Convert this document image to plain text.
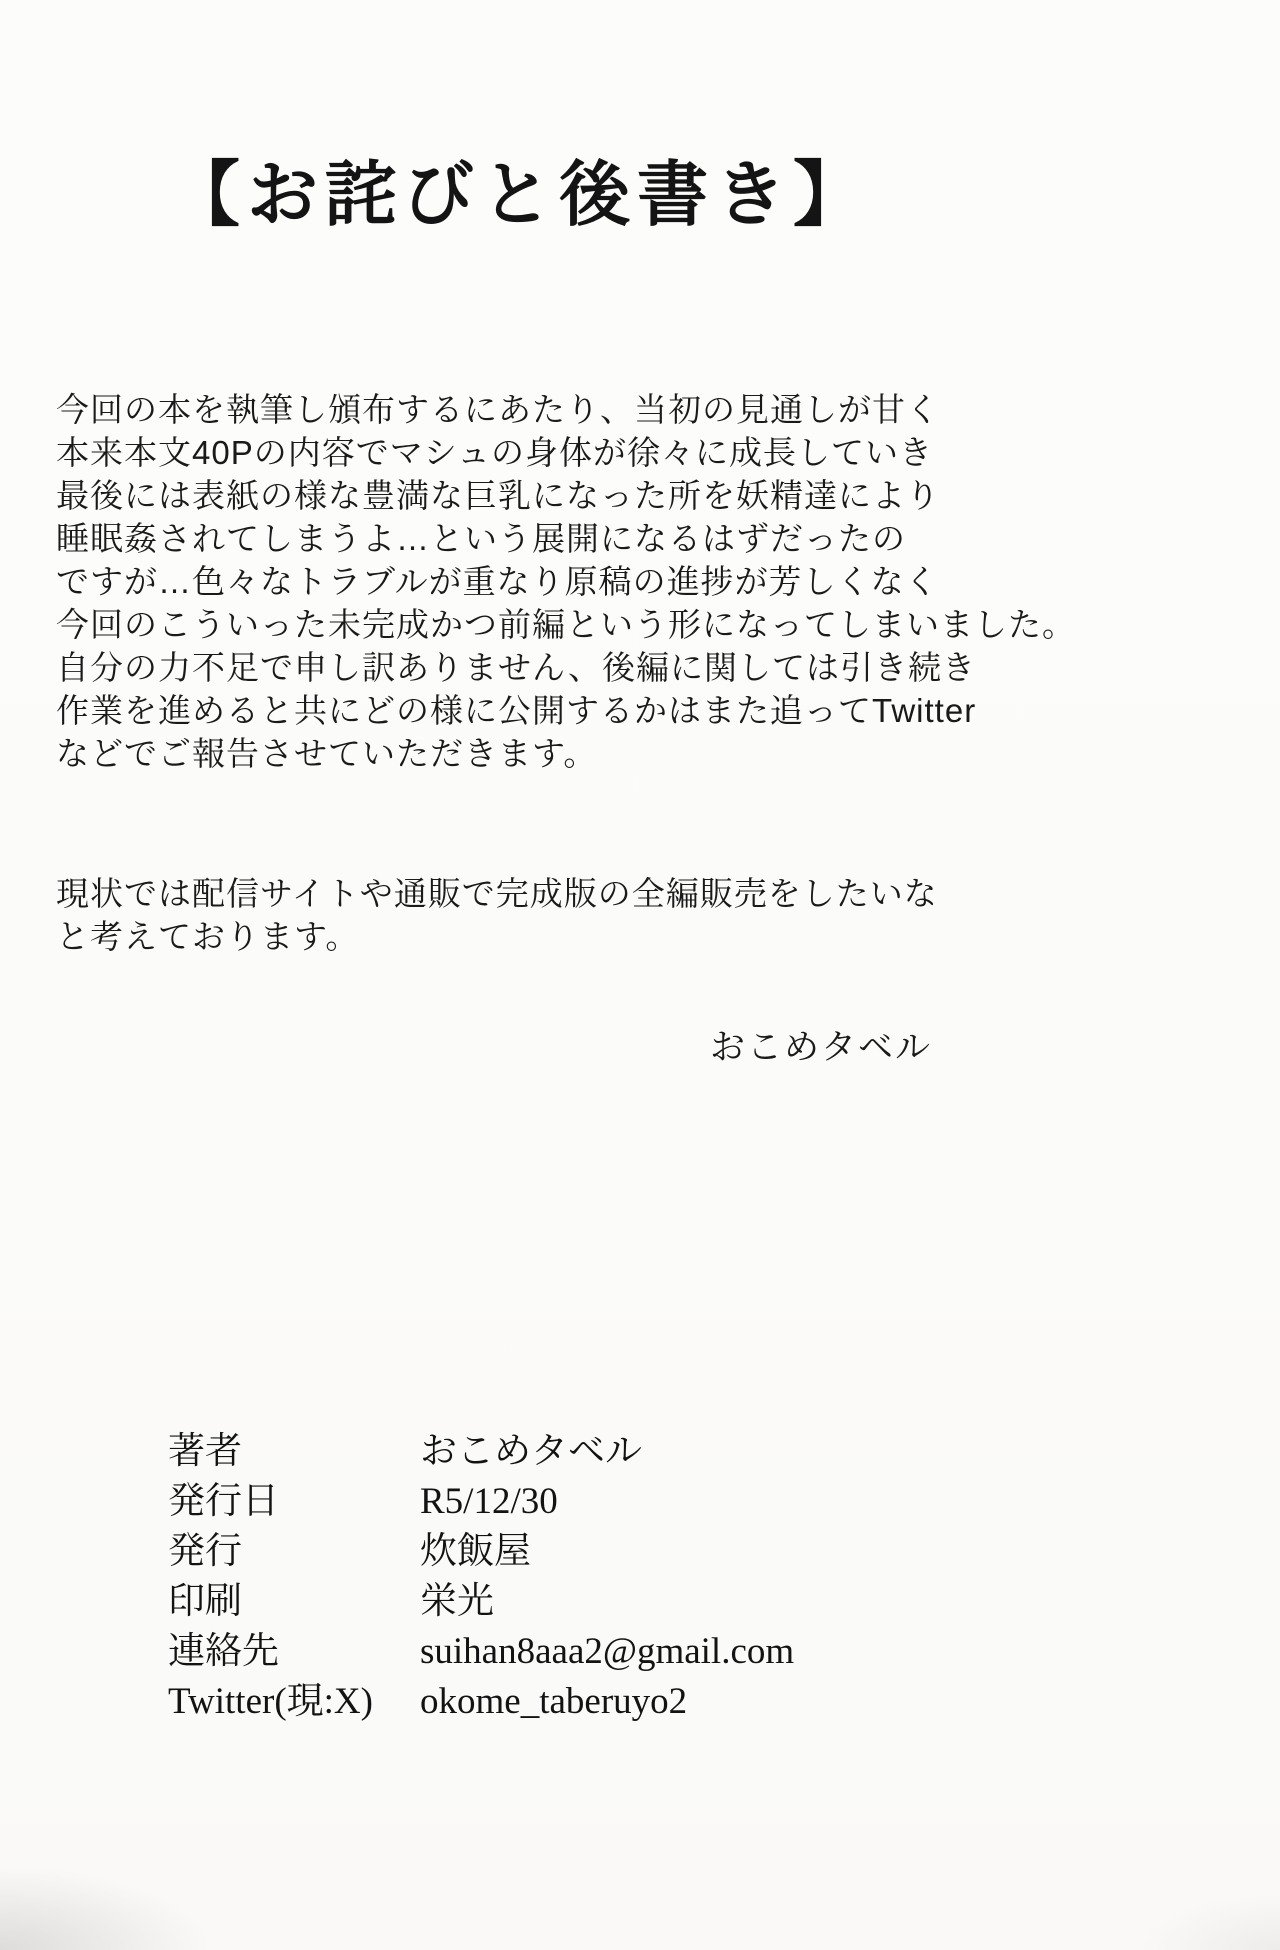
【お詫びと後書き】
今回の本を執筆し頒布するにあたり、当初の見通しが甘く
本来本文40Pの内容でマシュの身体が徐々に成長していき
最後には表紙の様な豊満な巨乳になった所を妖精達により
睡眠姦されてしまうよ…という展開になるはずだったの
ですが…色々なトラブルが重なり原稿の進捗が芳しくなく
今回のこういった未完成かつ前編という形になってしまいました。
自分の力不足で申し訳ありません、後編に関しては引き続き
作業を進めると共にどの様に公開するかはまた追ってTwitter
などでご報告させていただきます。
現状では配信サイトや通販で完成版の全編販売をしたいな
と考えております。
おこめタベル
著者	おこめタベル
発行日	R5/12/30
発行	炊飯屋
印刷	栄光
連絡先	suihan8aaa2@gmail.com
Twitter(現:X)	okome_taberuyo2
